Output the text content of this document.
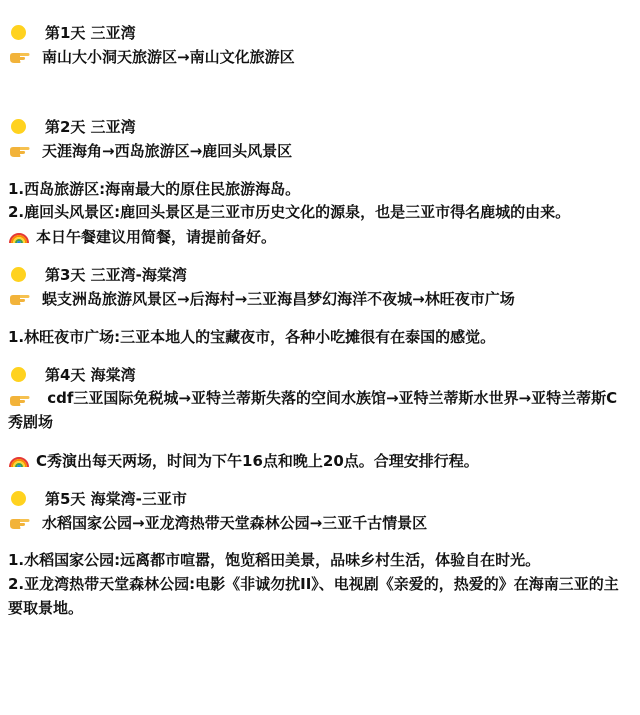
第1天 三亚湾
南山大小洞天旅游区→南山文化旅游区
第2天 三亚湾
天涯海角→西岛旅游区→鹿回头风景区
1.西岛旅游区:海南最大的原住民旅游海岛。
2.鹿回头风景区:鹿回头景区是三亚市历史文化的源泉，也是三亚市得名鹿城的由来。
本日午餐建议用简餐，请提前备好。
第3天 三亚湾-海棠湾
蜈支洲岛旅游风景区→后海村→三亚海昌梦幻海洋不夜城→林旺夜市广场
1.林旺夜市广场:三亚本地人的宝藏夜市，各种小吃摊很有在泰国的感觉。
第4天 海棠湾
cdf三亚国际免税城→亚特兰蒂斯失落的空间水族馆→亚特兰蒂斯水世界→亚特兰蒂斯C秀剧场
C秀演出每天两场，时间为下午16点和晚上20点。合理安排行程。
第5天 海棠湾-三亚市
水稻国家公园→亚龙湾热带天堂森林公园→三亚千古情景区
1.水稻国家公园:远离都市喧嚣，饱览稻田美景，品味乡村生活，体验自在时光。
2.亚龙湾热带天堂森林公园:电影《非诚勿扰II》、电视剧《亲爱的，热爱的》在海南三亚的主要取景地。
